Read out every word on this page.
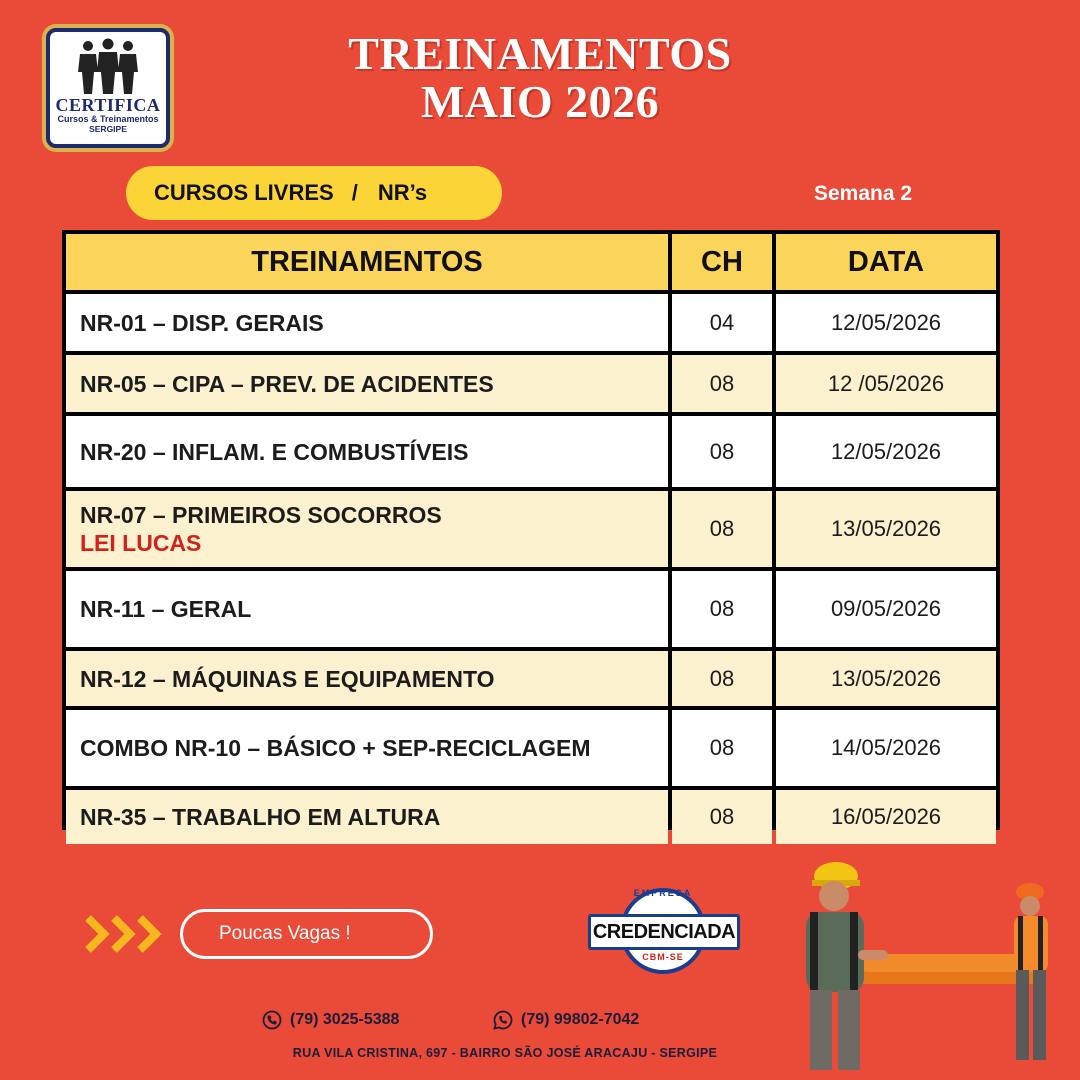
CERTIFICA
Cursos & Treinamentos
SERGIPE
TREINAMENTOS
MAIO 2026
CURSOS LIVRES / NR’s	Semana 2
TREINAMENTOS	CH	DATA
NR-01 – DISP. GERAIS	04	12/05/2026
NR-05 – CIPA – PREV. DE ACIDENTES	08	12 /05/2026
NR-20 – INFLAM. E COMBUSTÍVEIS	08	12/05/2026
NR-07 – PRIMEIROS SOCORROS
LEI LUCAS
08	13/05/2026
NR-11 – GERAL	08	09/05/2026
NR-12 – MÁQUINAS E EQUIPAMENTO	08	13/05/2026
COMBO NR-10 – BÁSICO + SEP-RECICLAGEM	08	14/05/2026
NR-35 – TRABALHO EM ALTURA	08	16/05/2026
Poucas Vagas !
EMPRESA
CREDENCIADA
CBM-SE
(79) 3025-5388	(79) 99802-7042
RUA VILA CRISTINA, 697 - BAIRRO SÃO JOSÉ ARACAJU - SERGIPE
